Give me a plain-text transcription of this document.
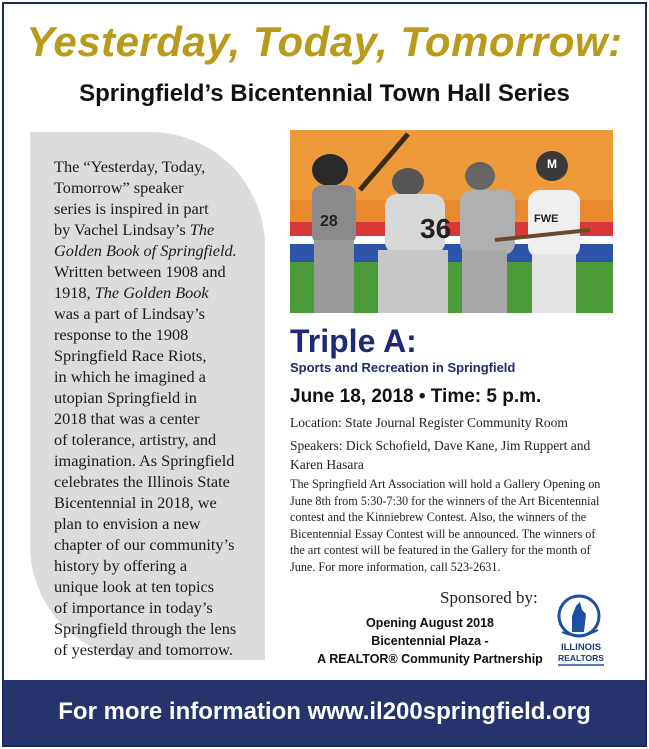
Yesterday, Today, Tomorrow:
Springfield’s Bicentennial Town Hall Series
The “Yesterday, Today,
Tomorrow” speaker
series is inspired in part
by Vachel Lindsay’s The
Golden Book of Springfield.
Written between 1908 and
1918, The Golden Book
was a part of Lindsay’s
response to the 1908
Springfield Race Riots,
in which he imagined a
utopian Springfield in
2018 that was a center
of tolerance, artistry, and
imagination. As Springfield
celebrates the Illinois State
Bicentennial in 2018, we
plan to envision a new
chapter of our community’s
history by offering a
unique look at ten topics
of importance in today’s
Springfield through the lens
of yesterday and tomorrow.
36
28
M
FWE
Triple A:
Sports and Recreation in Springfield
June 18, 2018 • Time: 5 p.m.
Location: State Journal Register Community Room
Speakers: Dick Schofield, Dave Kane, Jim Ruppert and
Karen Hasara
The Springfield Art Association will hold a Gallery Opening on
June 8th from 5:30-7:30 for the winners of the Art Bicentennial
contest and the Kinniebrew Contest. Also, the winners of the
Bicentennial Essay Contest will be announced. The winners of
the art contest will be featured in the Gallery for the month of
June. For more information, call 523-2631.
Sponsored by:
Opening August 2018
Bicentennial Plaza -
A REALTOR® Community Partnership
ILLINOIS
REALTORS
For more information www.il200springfield.org
